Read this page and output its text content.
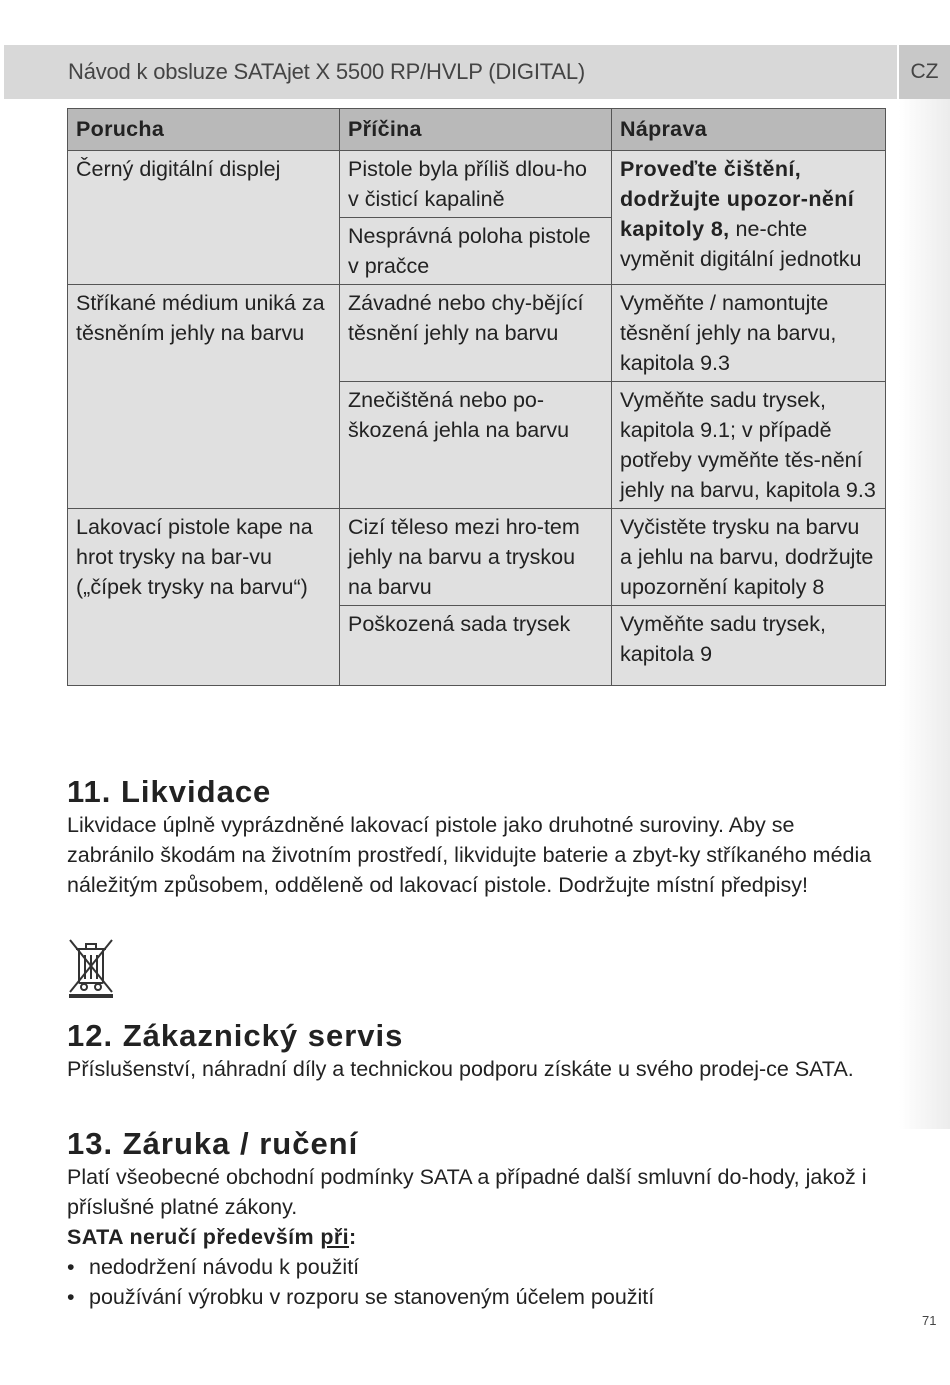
Návod k obsluze SATAjet X 5500 RP/HVLP (DIGITAL)	CZ
Porucha	Příčina	Náprava
Černý digitální displej	Pistole byla příliš dlou-ho v čisticí kapalině	Proveďte čištění, dodržujte upozor-nění kapitoly 8, ne-chte vyměnit digitální jednotku
	Nesprávná poloha pistole v pračce	
Stříkané médium uniká za těsněním jehly na barvu	Závadné nebo chy-bějící těsnění jehly na barvu	Vyměňte / namontujte těsnění jehly na barvu, kapitola 9.3
	Znečištěná nebo po-škozená jehla na barvu	Vyměňte sadu trysek, kapitola 9.1; v případě potřeby vyměňte těs-nění jehly na barvu, kapitola 9.3
Lakovací pistole kape na hrot trysky na bar-vu („čípek trysky na barvu“)	Cizí těleso mezi hro-tem jehly na barvu a tryskou na barvu	Vyčistěte trysku na barvu a jehlu na barvu, dodržujte upozornění kapitoly 8
	Poškozená sada trysek	Vyměňte sadu trysek, kapitola 9
11. Likvidace
Likvidace úplně vyprázdněné lakovací pistole jako druhotné suroviny. Aby se zabránilo škodám na životním prostředí, likvidujte baterie a zbyt-ky stříkaného média náležitým způsobem, odděleně od lakovací pistole. Dodržujte místní předpisy!
12. Zákaznický servis
Příslušenství, náhradní díly a technickou podporu získáte u svého prodej-ce SATA.
13. Záruka / ručení
Platí všeobecné obchodní podmínky SATA a případné další smluvní do-hody, jakož i příslušné platné zákony.
SATA neručí především při:
• nedodržení návodu k použití
• používání výrobku v rozporu se stanoveným účelem použití
71
